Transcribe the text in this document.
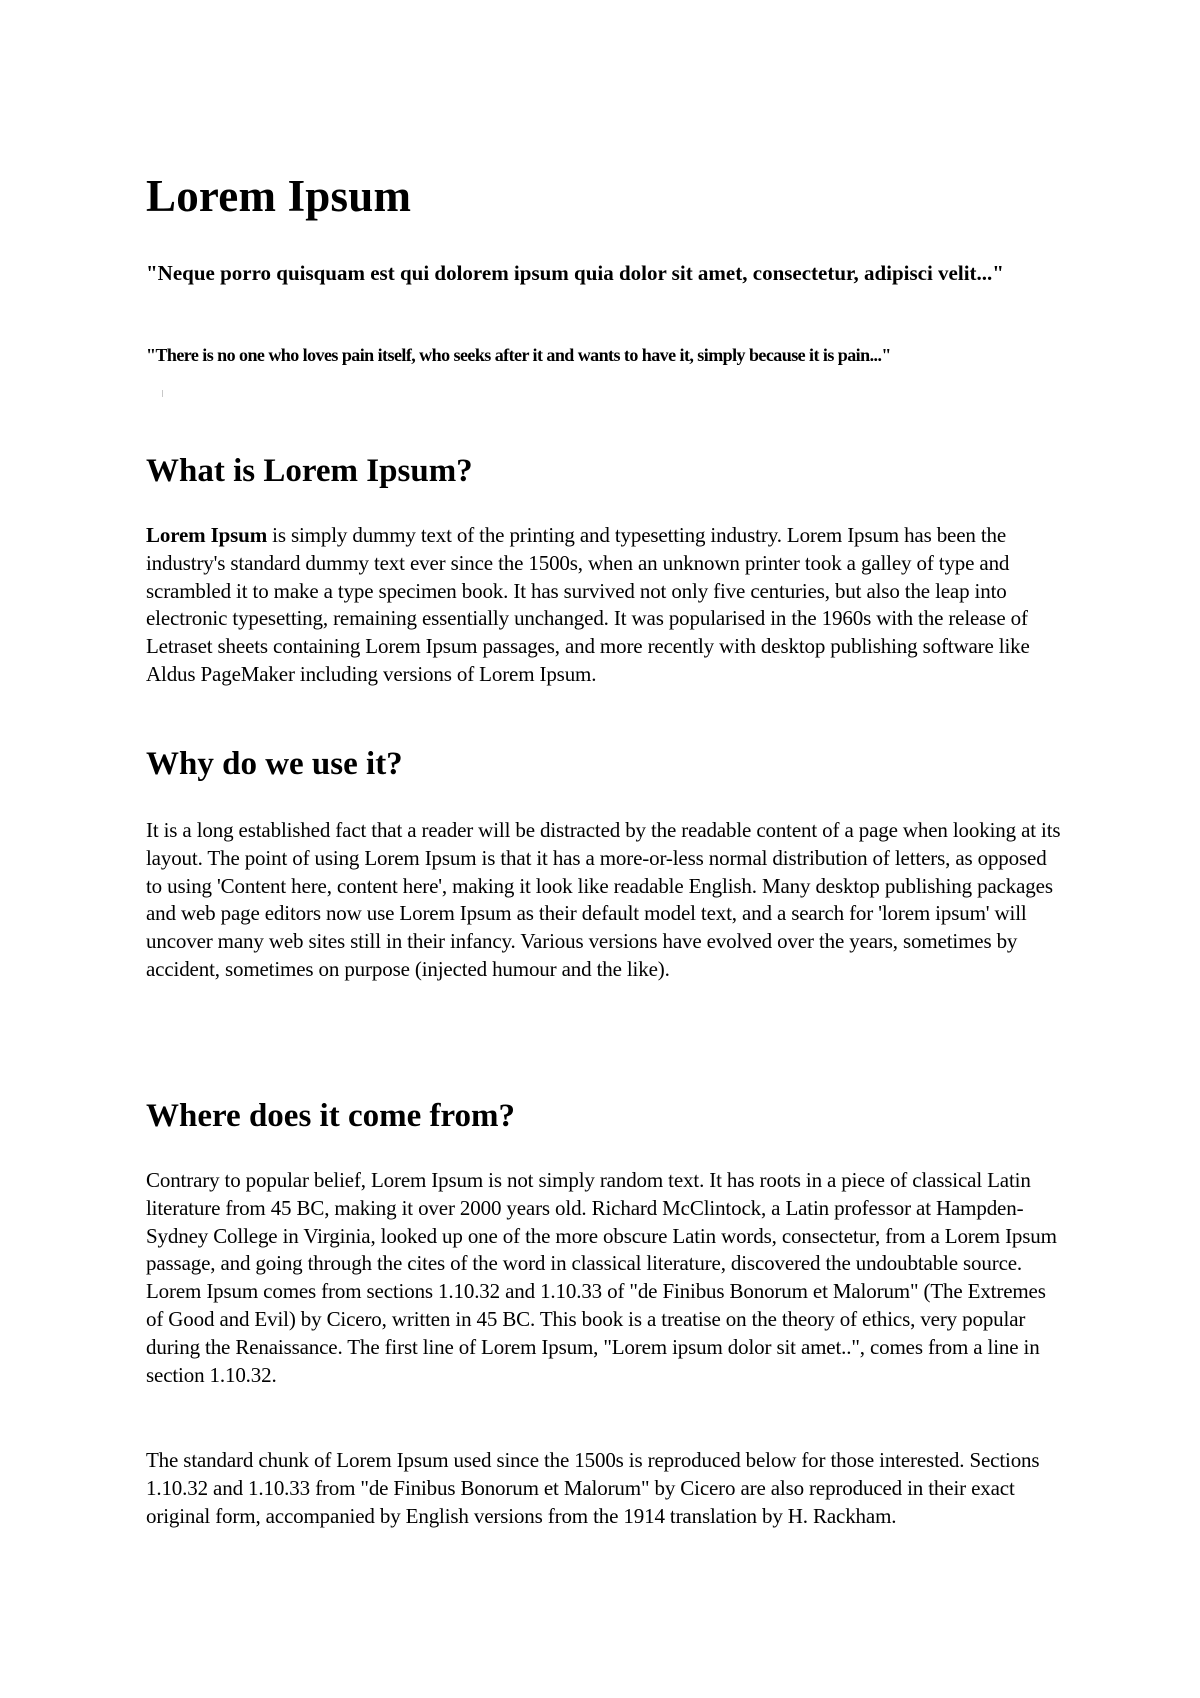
Lorem Ipsum

"Neque porro quisquam est qui dolorem ipsum quia dolor sit amet, consectetur, adipisci velit..."

"There is no one who loves pain itself, who seeks after it and wants to have it, simply because it is pain..."

What is Lorem Ipsum?

Lorem Ipsum is simply dummy text of the printing and typesetting industry. Lorem Ipsum has been the industry's standard dummy text ever since the 1500s, when an unknown printer took a galley of type and scrambled it to make a type specimen book. It has survived not only five centuries, but also the leap into electronic typesetting, remaining essentially unchanged. It was popularised in the 1960s with the release of Letraset sheets containing Lorem Ipsum passages, and more recently with desktop publishing software like Aldus PageMaker including versions of Lorem Ipsum.

Why do we use it?

It is a long established fact that a reader will be distracted by the readable content of a page when looking at its layout. The point of using Lorem Ipsum is that it has a more-or-less normal distribution of letters, as opposed to using 'Content here, content here', making it look like readable English. Many desktop publishing packages and web page editors now use Lorem Ipsum as their default model text, and a search for 'lorem ipsum' will uncover many web sites still in their infancy. Various versions have evolved over the years, sometimes by accident, sometimes on purpose (injected humour and the like).

Where does it come from?

Contrary to popular belief, Lorem Ipsum is not simply random text. It has roots in a piece of classical Latin literature from 45 BC, making it over 2000 years old. Richard McClintock, a Latin professor at Hampden-Sydney College in Virginia, looked up one of the more obscure Latin words, consectetur, from a Lorem Ipsum passage, and going through the cites of the word in classical literature, discovered the undoubtable source. Lorem Ipsum comes from sections 1.10.32 and 1.10.33 of "de Finibus Bonorum et Malorum" (The Extremes of Good and Evil) by Cicero, written in 45 BC. This book is a treatise on the theory of ethics, very popular during the Renaissance. The first line of Lorem Ipsum, "Lorem ipsum dolor sit amet..", comes from a line in section 1.10.32.

The standard chunk of Lorem Ipsum used since the 1500s is reproduced below for those interested. Sections 1.10.32 and 1.10.33 from "de Finibus Bonorum et Malorum" by Cicero are also reproduced in their exact original form, accompanied by English versions from the 1914 translation by H. Rackham.
